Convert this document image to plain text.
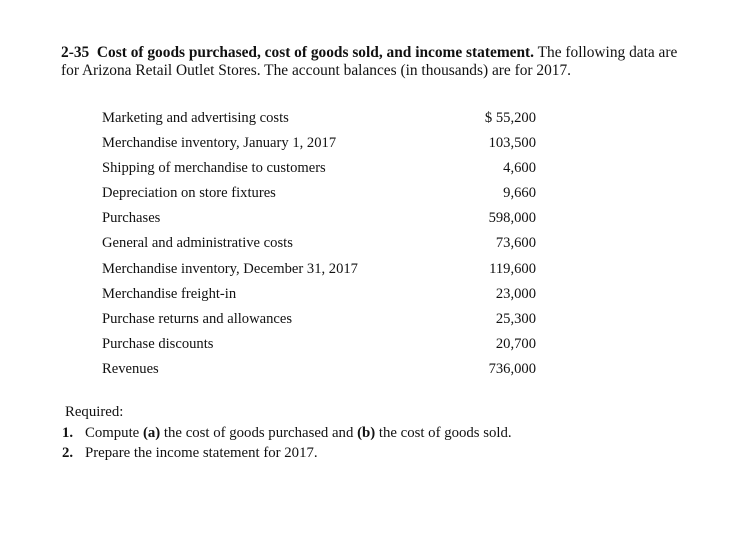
2-35 Cost of goods purchased, cost of goods sold, and income statement. The following data are for Arizona Retail Outlet Stores. The account balances (in thousands) are for 2017.
Marketing and advertising costs	$ 55,200
Merchandise inventory, January 1, 2017	103,500
Shipping of merchandise to customers	4,600
Depreciation on store fixtures	9,660
Purchases	598,000
General and administrative costs	73,600
Merchandise inventory, December 31, 2017	119,600
Merchandise freight-in	23,000
Purchase returns and allowances	25,300
Purchase discounts	20,700
Revenues	736,000
Required:
1. Compute (a) the cost of goods purchased and (b) the cost of goods sold.
2. Prepare the income statement for 2017.
